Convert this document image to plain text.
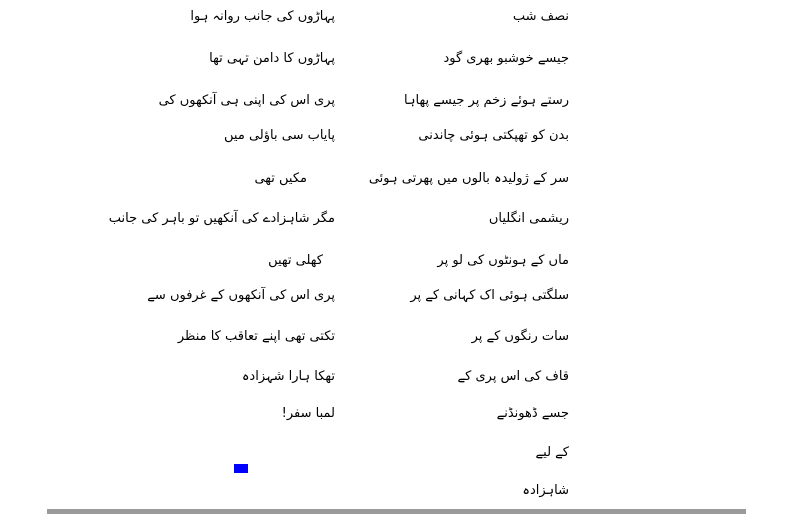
نصف شب
جیسے خوشبو بھری گود
رستے ہوئے زخم پر جیسے پھاہا
بدن کو تھپکتی ہوئی چاندنی
سر کے ژولیدہ بالوں میں پھرتی ہوئی
ریشمی انگلیاں
ماں کے ہونٹوں کی لو پر
سلگتی ہوئی اک کہانی کے پر
سات رنگوں کے پر
قاف کی اس پری کے
جسے ڈھونڈنے
کے لیے
شاہزادہ
پہاڑوں کی جانب روانہ ہوا
پہاڑوں کا دامن تہی تھا
پری اس کی اپنی ہی آنکھوں کی
پایاب سی باؤلی میں
مکیں تھی
مگر شاہزادے کی آنکھیں تو باہر کی جانب
کھلی تھیں
پری اس کی آنکھوں کے غرفوں سے
تکتی تھی اپنے تعاقب کا منظر
تھکا ہارا شہزادہ
لمبا سفر!
